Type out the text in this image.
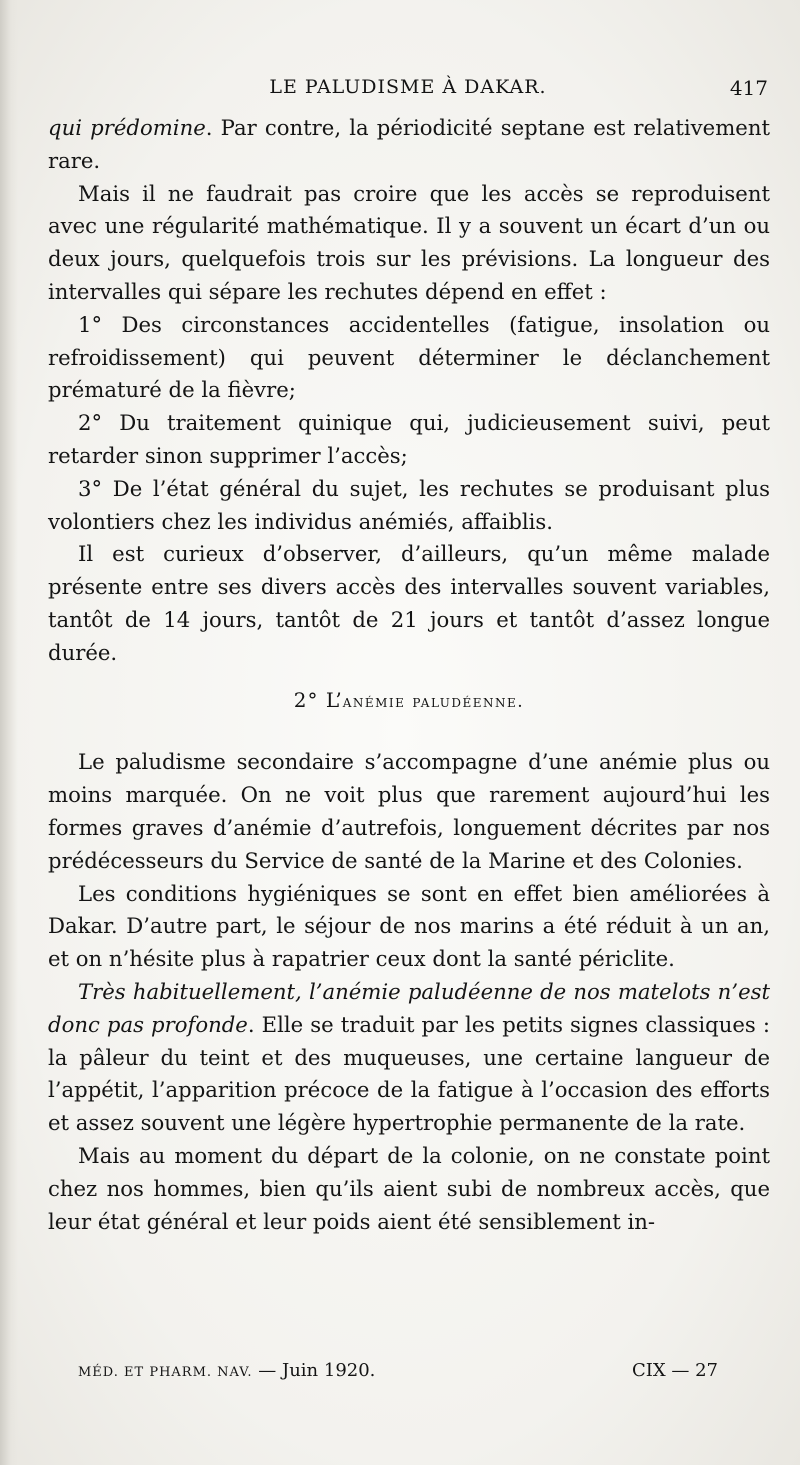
LE PALUDISME À DAKAR.	417

qui prédomine. Par contre, la périodicité septane est relativement rare.

Mais il ne faudrait pas croire que les accès se reproduisent avec une régularité mathématique. Il y a souvent un écart d’un ou deux jours, quelquefois trois sur les prévisions. La longueur des intervalles qui sépare les rechutes dépend en effet :

1° Des circonstances accidentelles (fatigue, insolation ou refroidissement) qui peuvent déterminer le déclanchement prématuré de la fièvre;

2° Du traitement quinique qui, judicieusement suivi, peut retarder sinon supprimer l’accès;

3° De l’état général du sujet, les rechutes se produisant plus volontiers chez les individus anémiés, affaiblis.

Il est curieux d’observer, d’ailleurs, qu’un même malade présente entre ses divers accès des intervalles souvent variables, tantôt de 14 jours, tantôt de 21 jours et tantôt d’assez longue durée.

2° L’anémie paludéenne.

Le paludisme secondaire s’accompagne d’une anémie plus ou moins marquée. On ne voit plus que rarement aujourd’hui les formes graves d’anémie d’autrefois, longuement décrites par nos prédécesseurs du Service de santé de la Marine et des Colonies.

Les conditions hygiéniques se sont en effet bien améliorées à Dakar. D’autre part, le séjour de nos marins a été réduit à un an, et on n’hésite plus à rapatrier ceux dont la santé périclite.

Très habituellement, l’anémie paludéenne de nos matelots n’est donc pas profonde. Elle se traduit par les petits signes classiques : la pâleur du teint et des muqueuses, une certaine langueur de l’appétit, l’apparition précoce de la fatigue à l’occasion des efforts et assez souvent une légère hypertrophie permanente de la rate.

Mais au moment du départ de la colonie, on ne constate point chez nos hommes, bien qu’ils aient subi de nombreux accès, que leur état général et leur poids aient été sensiblement in-

MÉD. ET PHARM. NAV. — Juin 1920.	CIX — 27
